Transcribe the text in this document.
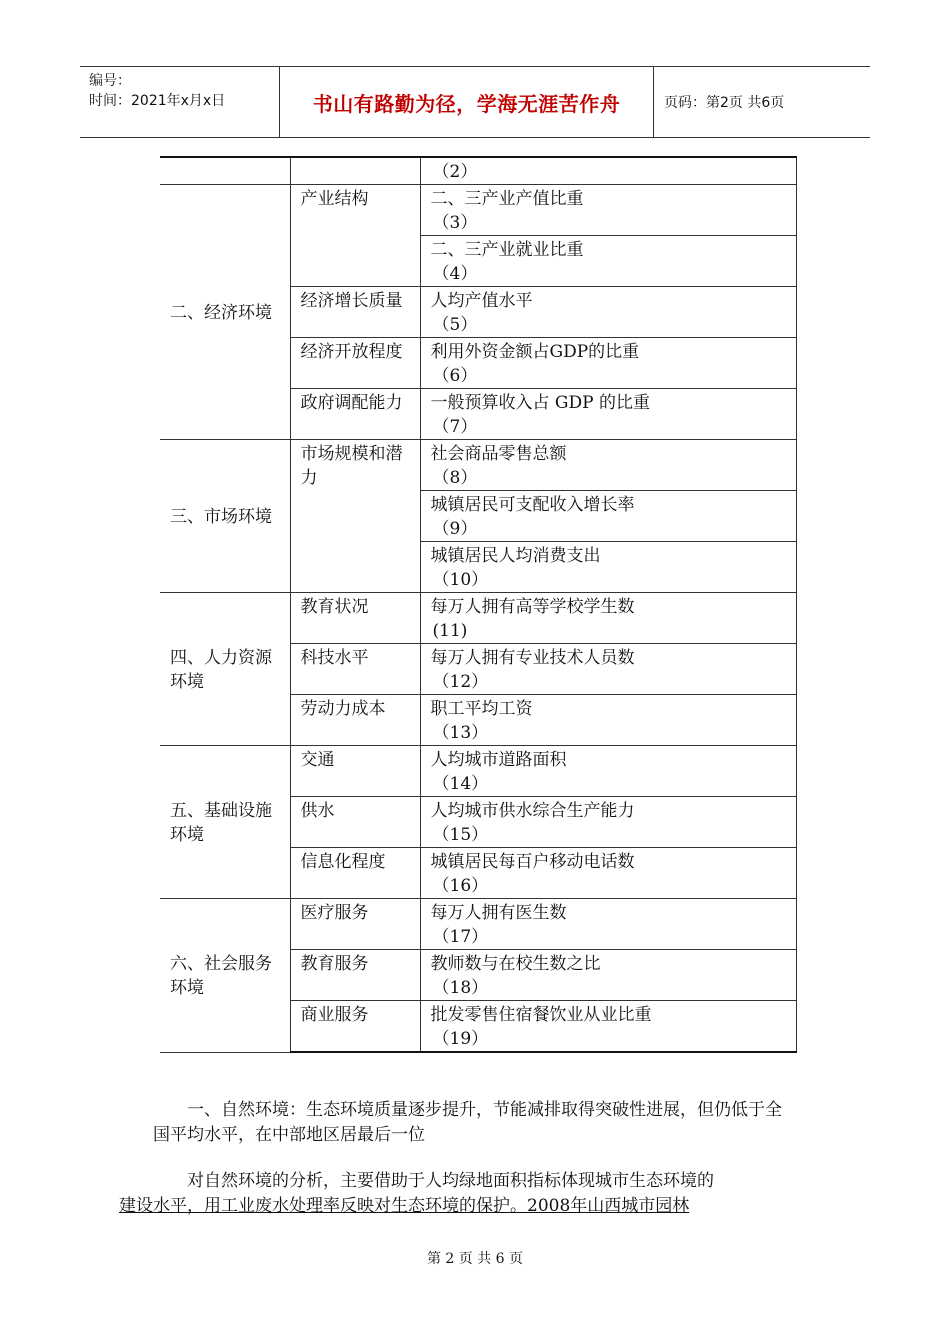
编号：
时间：2021年x月x日	书山有路勤为径，学海无涯苦作舟	页码：第2页 共6页

		（2）

二、经济环境	产业结构	二、三产业产值比重
（3）

		二、三产业就业比重
（4）

	经济增长质量	人均产值水平
（5）

	经济开放程度	利用外资金额占GDP的比重
（6）

	政府调配能力	一般预算收入占 GDP 的比重
（7）

三、市场环境	市场规模和潜力	社会商品零售总额
（8）

		城镇居民可支配收入增长率
（9）

		城镇居民人均消费支出
（10）

四、人力资源环境	教育状况	每万人拥有高等学校学生数
(11)

	科技水平	每万人拥有专业技术人员数
（12）

	劳动力成本	职工平均工资
（13）

五、基础设施环境	交通	人均城市道路面积
（14）

	供水	人均城市供水综合生产能力
（15）

	信息化程度	城镇居民每百户移动电话数
（16）

六、社会服务环境	医疗服务	每万人拥有医生数
（17）

	教育服务	教师数与在校生数之比
（18）

	商业服务	批发零售住宿餐饮业从业比重
（19）
一、自然环境：生态环境质量逐步提升，节能减排取得突破性进展，但仍低于全国平均水平，在中部地区居最后一位
对自然环境的分析，主要借助于人均绿地面积指标体现城市生态环境的
建设水平，用工业废水处理率反映对生态环境的保护。2008年山西城市园林
第 2 页 共 6 页
